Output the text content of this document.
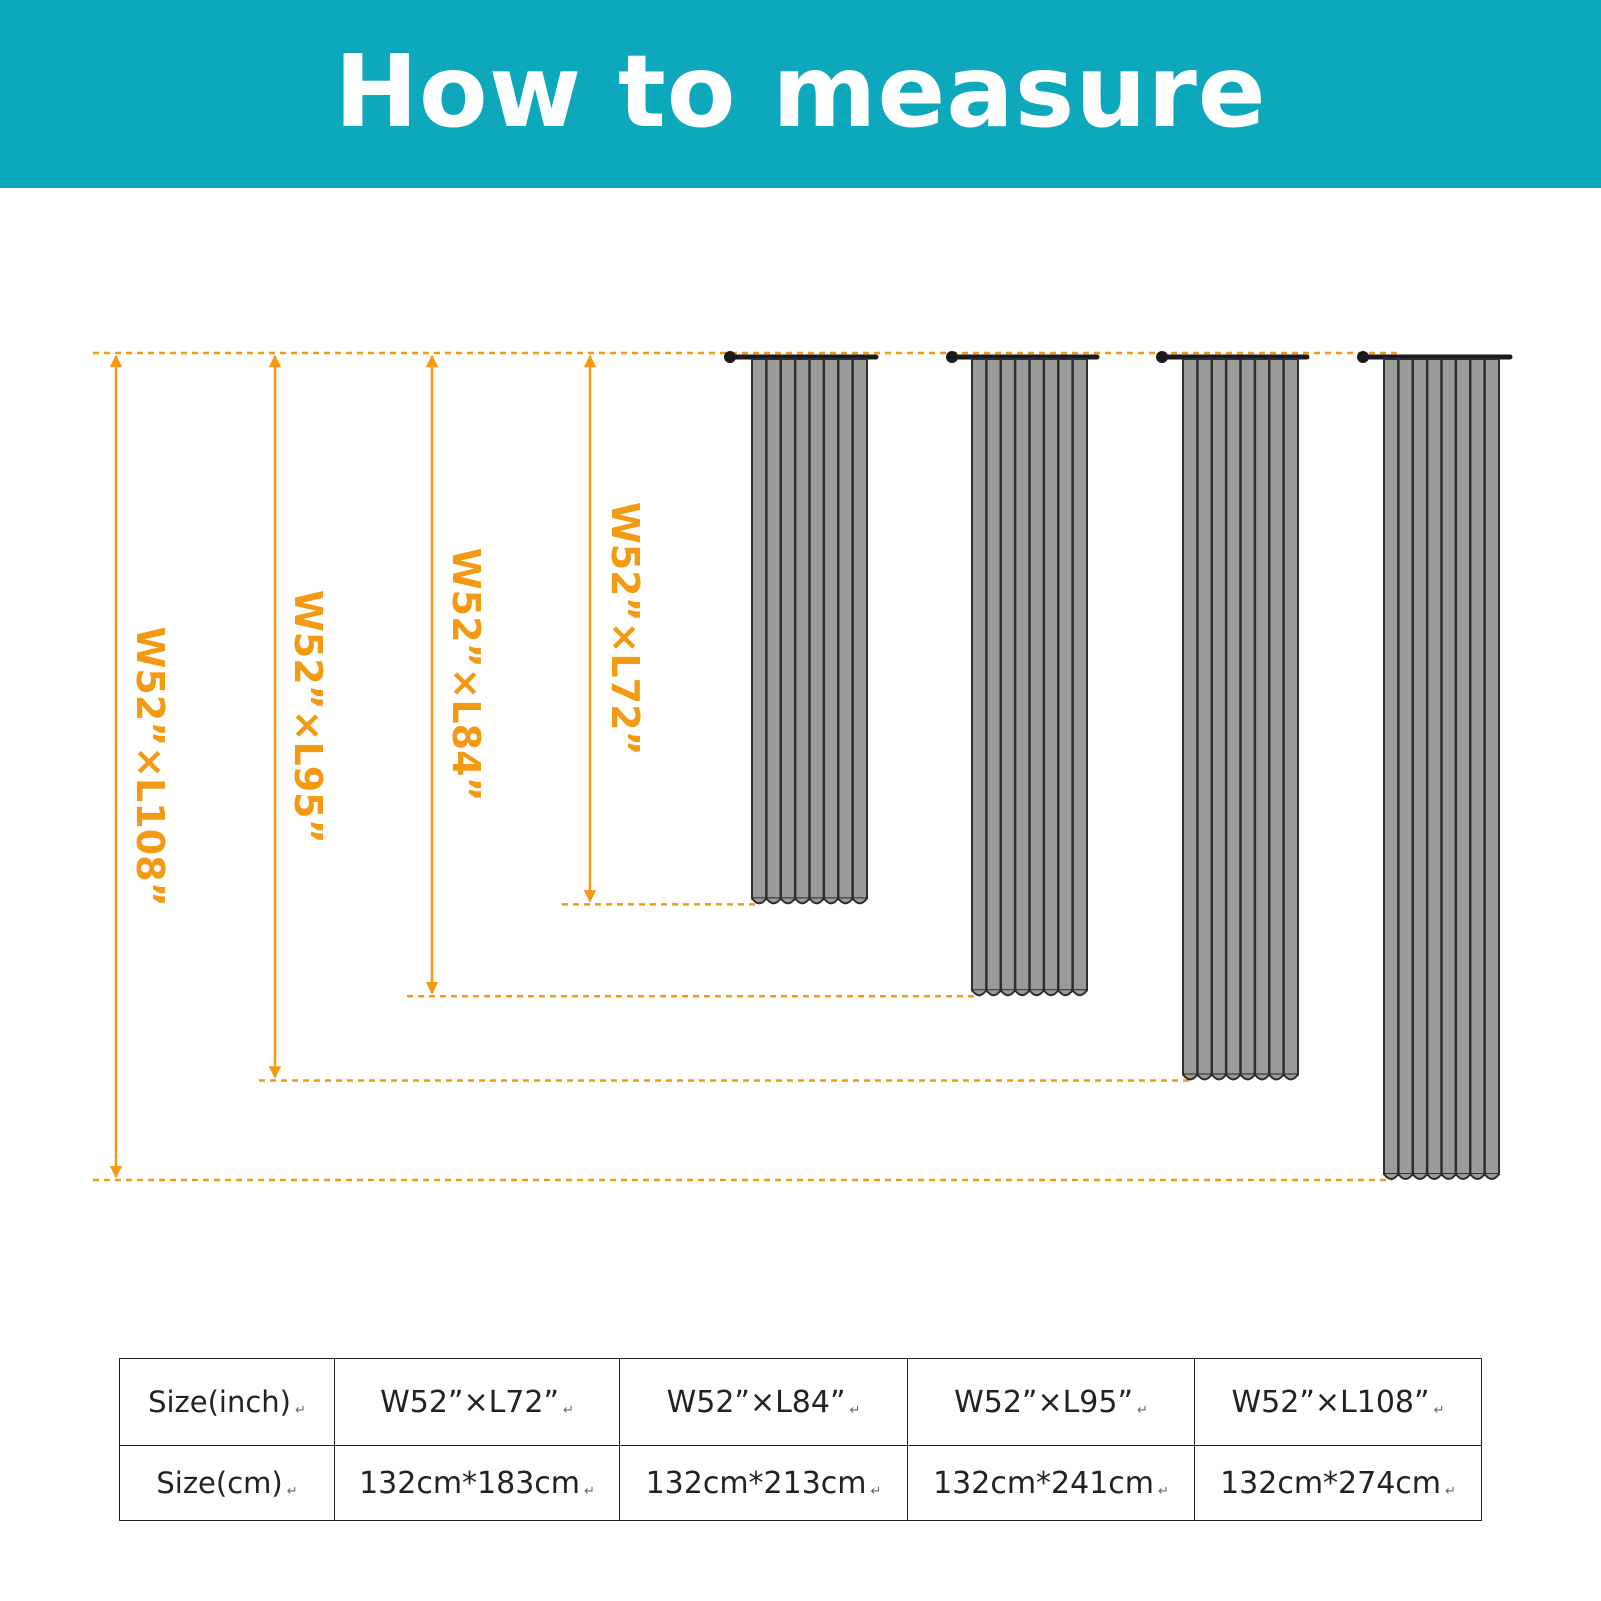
How to measure
W52”×L72”
W52”×L84”
W52”×L95”
W52”×L108”
Size(inch) ↵	W52”×L72” ↵	W52”×L84” ↵	W52”×L95” ↵	W52”×L108” ↵
Size(cm) ↵	132cm*183cm ↵	132cm*213cm ↵	132cm*241cm ↵	132cm*274cm ↵
